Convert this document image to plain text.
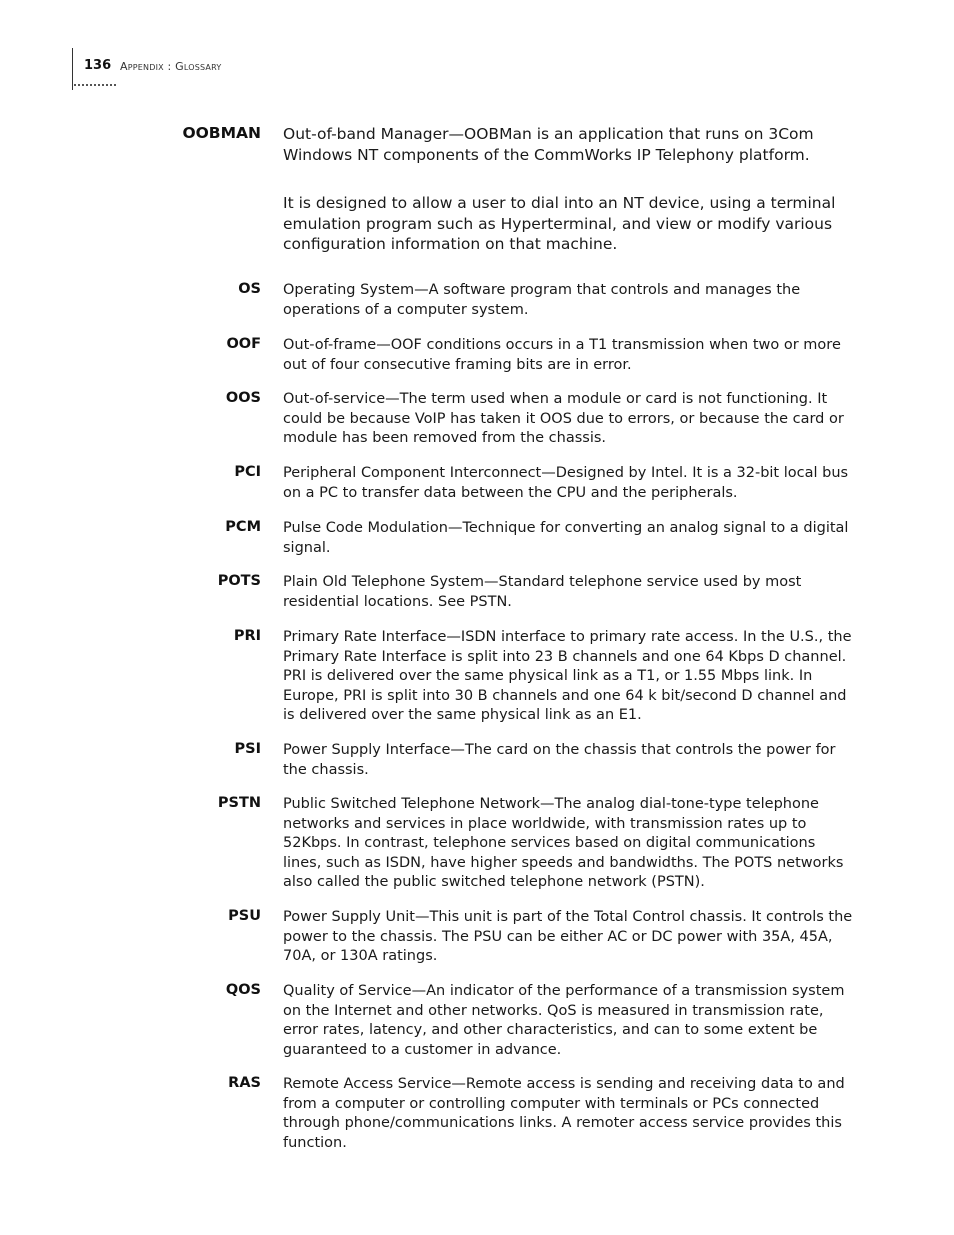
136 Appendix : Glossary
OOBMAN Out-of-band Manager—OOBMan is an application that runs on 3Com Windows NT components of the CommWorks IP Telephony platform.

It is designed to allow a user to dial into an NT device, using a terminal emulation program such as Hyperterminal, and view or modify various configuration information on that machine.

OS Operating System—A software program that controls and manages the operations of a computer system.

OOF Out-of-frame—OOF conditions occurs in a T1 transmission when two or more out of four consecutive framing bits are in error.

OOS Out-of-service—The term used when a module or card is not functioning. It could be because VoIP has taken it OOS due to errors, or because the card or module has been removed from the chassis.

PCI Peripheral Component Interconnect—Designed by Intel. It is a 32-bit local bus on a PC to transfer data between the CPU and the peripherals.

PCM Pulse Code Modulation—Technique for converting an analog signal to a digital signal.

POTS Plain Old Telephone System—Standard telephone service used by most residential locations. See PSTN.

PRI Primary Rate Interface—ISDN interface to primary rate access. In the U.S., the Primary Rate Interface is split into 23 B channels and one 64 Kbps D channel. PRI is delivered over the same physical link as a T1, or 1.55 Mbps link. In Europe, PRI is split into 30 B channels and one 64 k bit/second D channel and is delivered over the same physical link as an E1.

PSI Power Supply Interface—The card on the chassis that controls the power for the chassis.

PSTN Public Switched Telephone Network—The analog dial-tone-type telephone networks and services in place worldwide, with transmission rates up to 52Kbps. In contrast, telephone services based on digital communications lines, such as ISDN, have higher speeds and bandwidths. The POTS networks also called the public switched telephone network (PSTN).

PSU Power Supply Unit—This unit is part of the Total Control chassis. It controls the power to the chassis. The PSU can be either AC or DC power with 35A, 45A, 70A, or 130A ratings.

QOS Quality of Service—An indicator of the performance of a transmission system on the Internet and other networks. QoS is measured in transmission rate, error rates, latency, and other characteristics, and can to some extent be guaranteed to a customer in advance.

RAS Remote Access Service—Remote access is sending and receiving data to and from a computer or controlling computer with terminals or PCs connected through phone/communications links. A remoter access service provides this function.
